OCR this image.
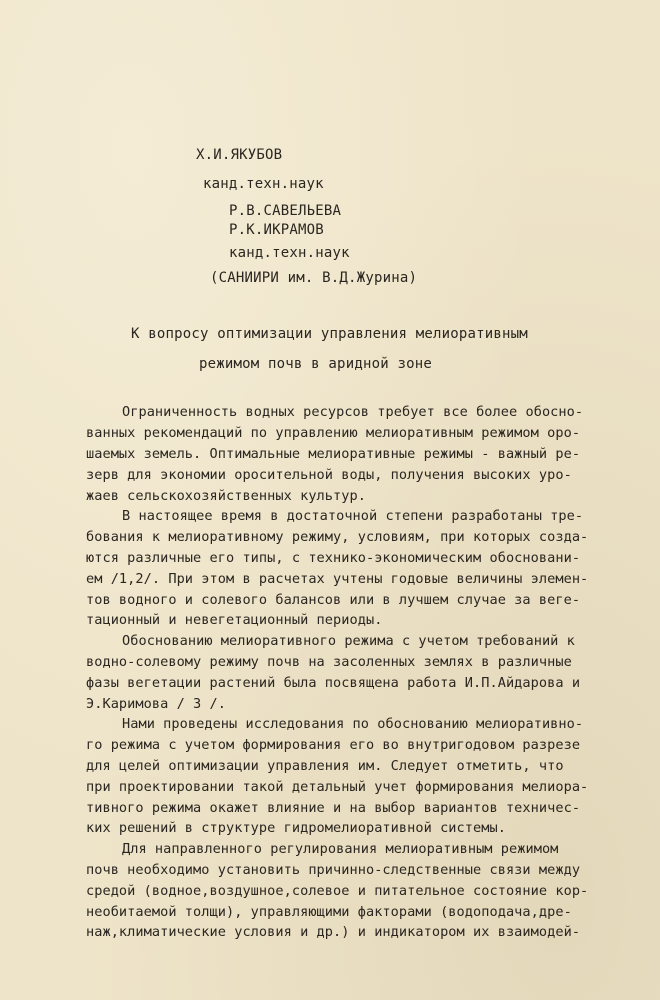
Х.И.ЯКУБОВ
канд.техн.наук
Р.В.САВЕЛЬЕВА
Р.К.ИКРАМОВ
канд.техн.наук
(САНИИРИ им. В.Д.Журина)
К вопросу оптимизации управления мелиоративным
режимом почв в аридной зоне
Ограниченность водных ресурсов требует все более обосно-
ванных рекомендаций по управлению мелиоративным режимом оро-
шаемых земель. Оптимальные мелиоративные режимы - важный ре-
зерв для экономии оросительной воды, получения высоких уро-
жаев сельскохозяйственных культур.
В настоящее время в достаточной степени разработаны тре-
бования к мелиоративному режиму, условиям, при которых созда-
ются различные его типы, с технико-экономическим обосновани-
ем /1,2/. При этом в расчетах учтены годовые величины элемен-
тов водного и солевого балансов или в лучшем случае за веге-
тационный и невегетационный периоды.
Обоснованию мелиоративного режима с учетом требований к
водно-солевому режиму почв на засоленных землях в различные
фазы вегетации растений была посвящена работа И.П.Айдарова и
Э.Каримова / 3 /.
Нами проведены исследования по обоснованию мелиоративно-
го режима с учетом формирования его во внутригодовом разрезе
для целей оптимизации управления им. Следует отметить, что
при проектировании такой детальный учет формирования мелиора-
тивного режима окажет влияние и на выбор вариантов техничес-
ких решений в структуре гидромелиоративной системы.
Для направленного регулирования мелиоративным режимом
почв необходимо установить причинно-следственные связи между
средой (водное,воздушное,солевое и питательное состояние кор-
необитаемой толщи), управляющими факторами (водоподача,дре-
наж,климатические условия и др.) и индикатором их взаимодей-
